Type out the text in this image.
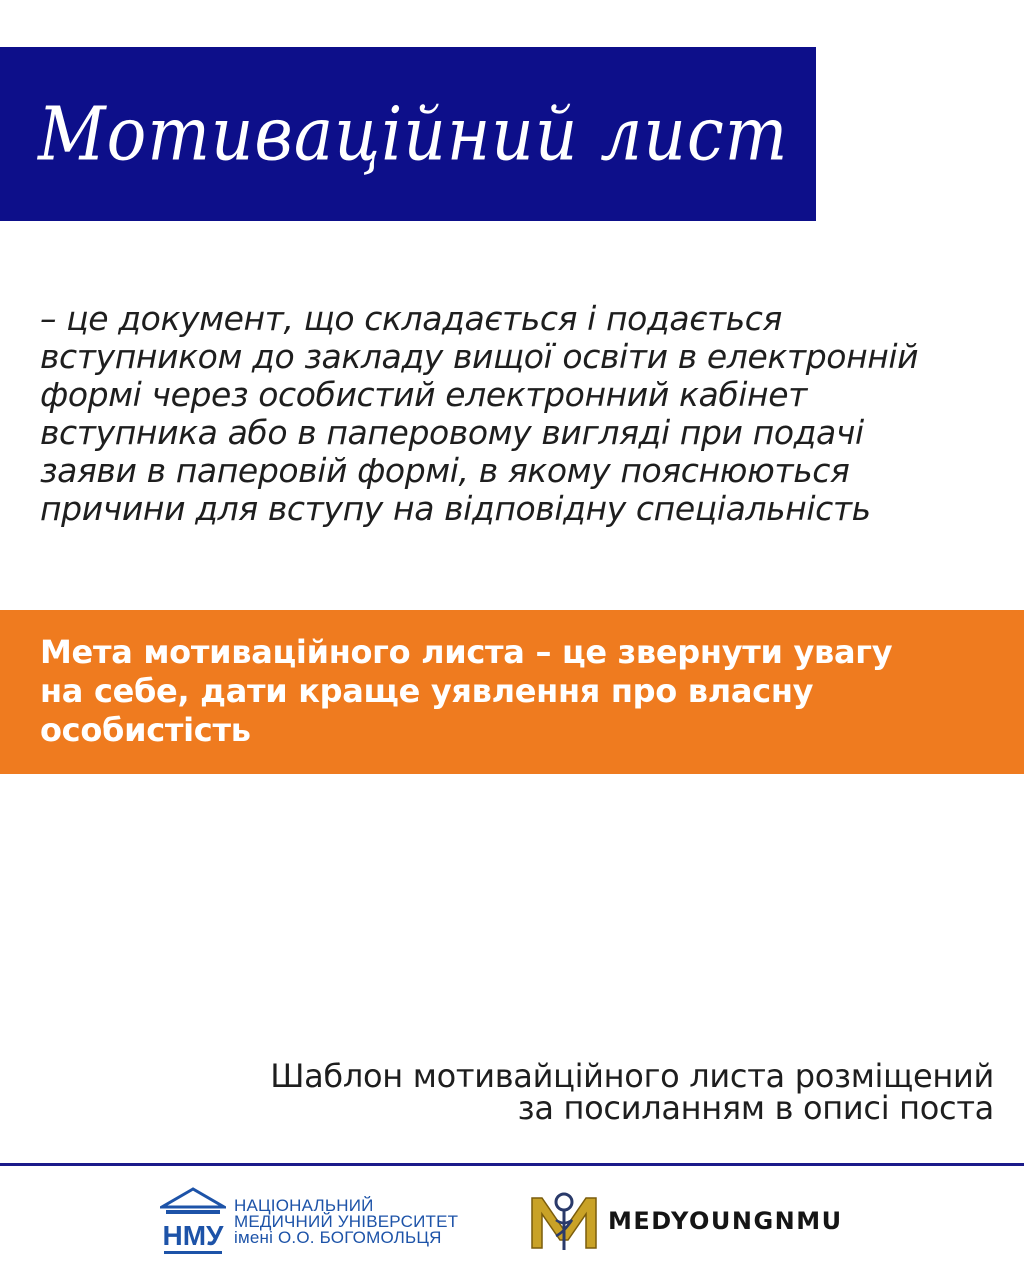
Мотиваційний лист
– це документ, що складається і подається
вступником до закладу вищої освіти в електронній
формі через особистий електронний кабінет
вступника або в паперовому вигляді при подачі
заяви в паперовій формі, в якому пояснюються
причини для вступу на відповідну спеціальність
Мета мотиваційного листа – це звернути увагу
на себе, дати краще уявлення про власну
особистість
Шаблон мотивайційного листа розміщений
за посиланням в описі поста
НМУ
НАЦІОНАЛЬНИЙ
МЕДИЧНИЙ УНІВЕРСИТЕТ
імені О.О. БОГОМОЛЬЦЯ
MEDYOUNGNMU
